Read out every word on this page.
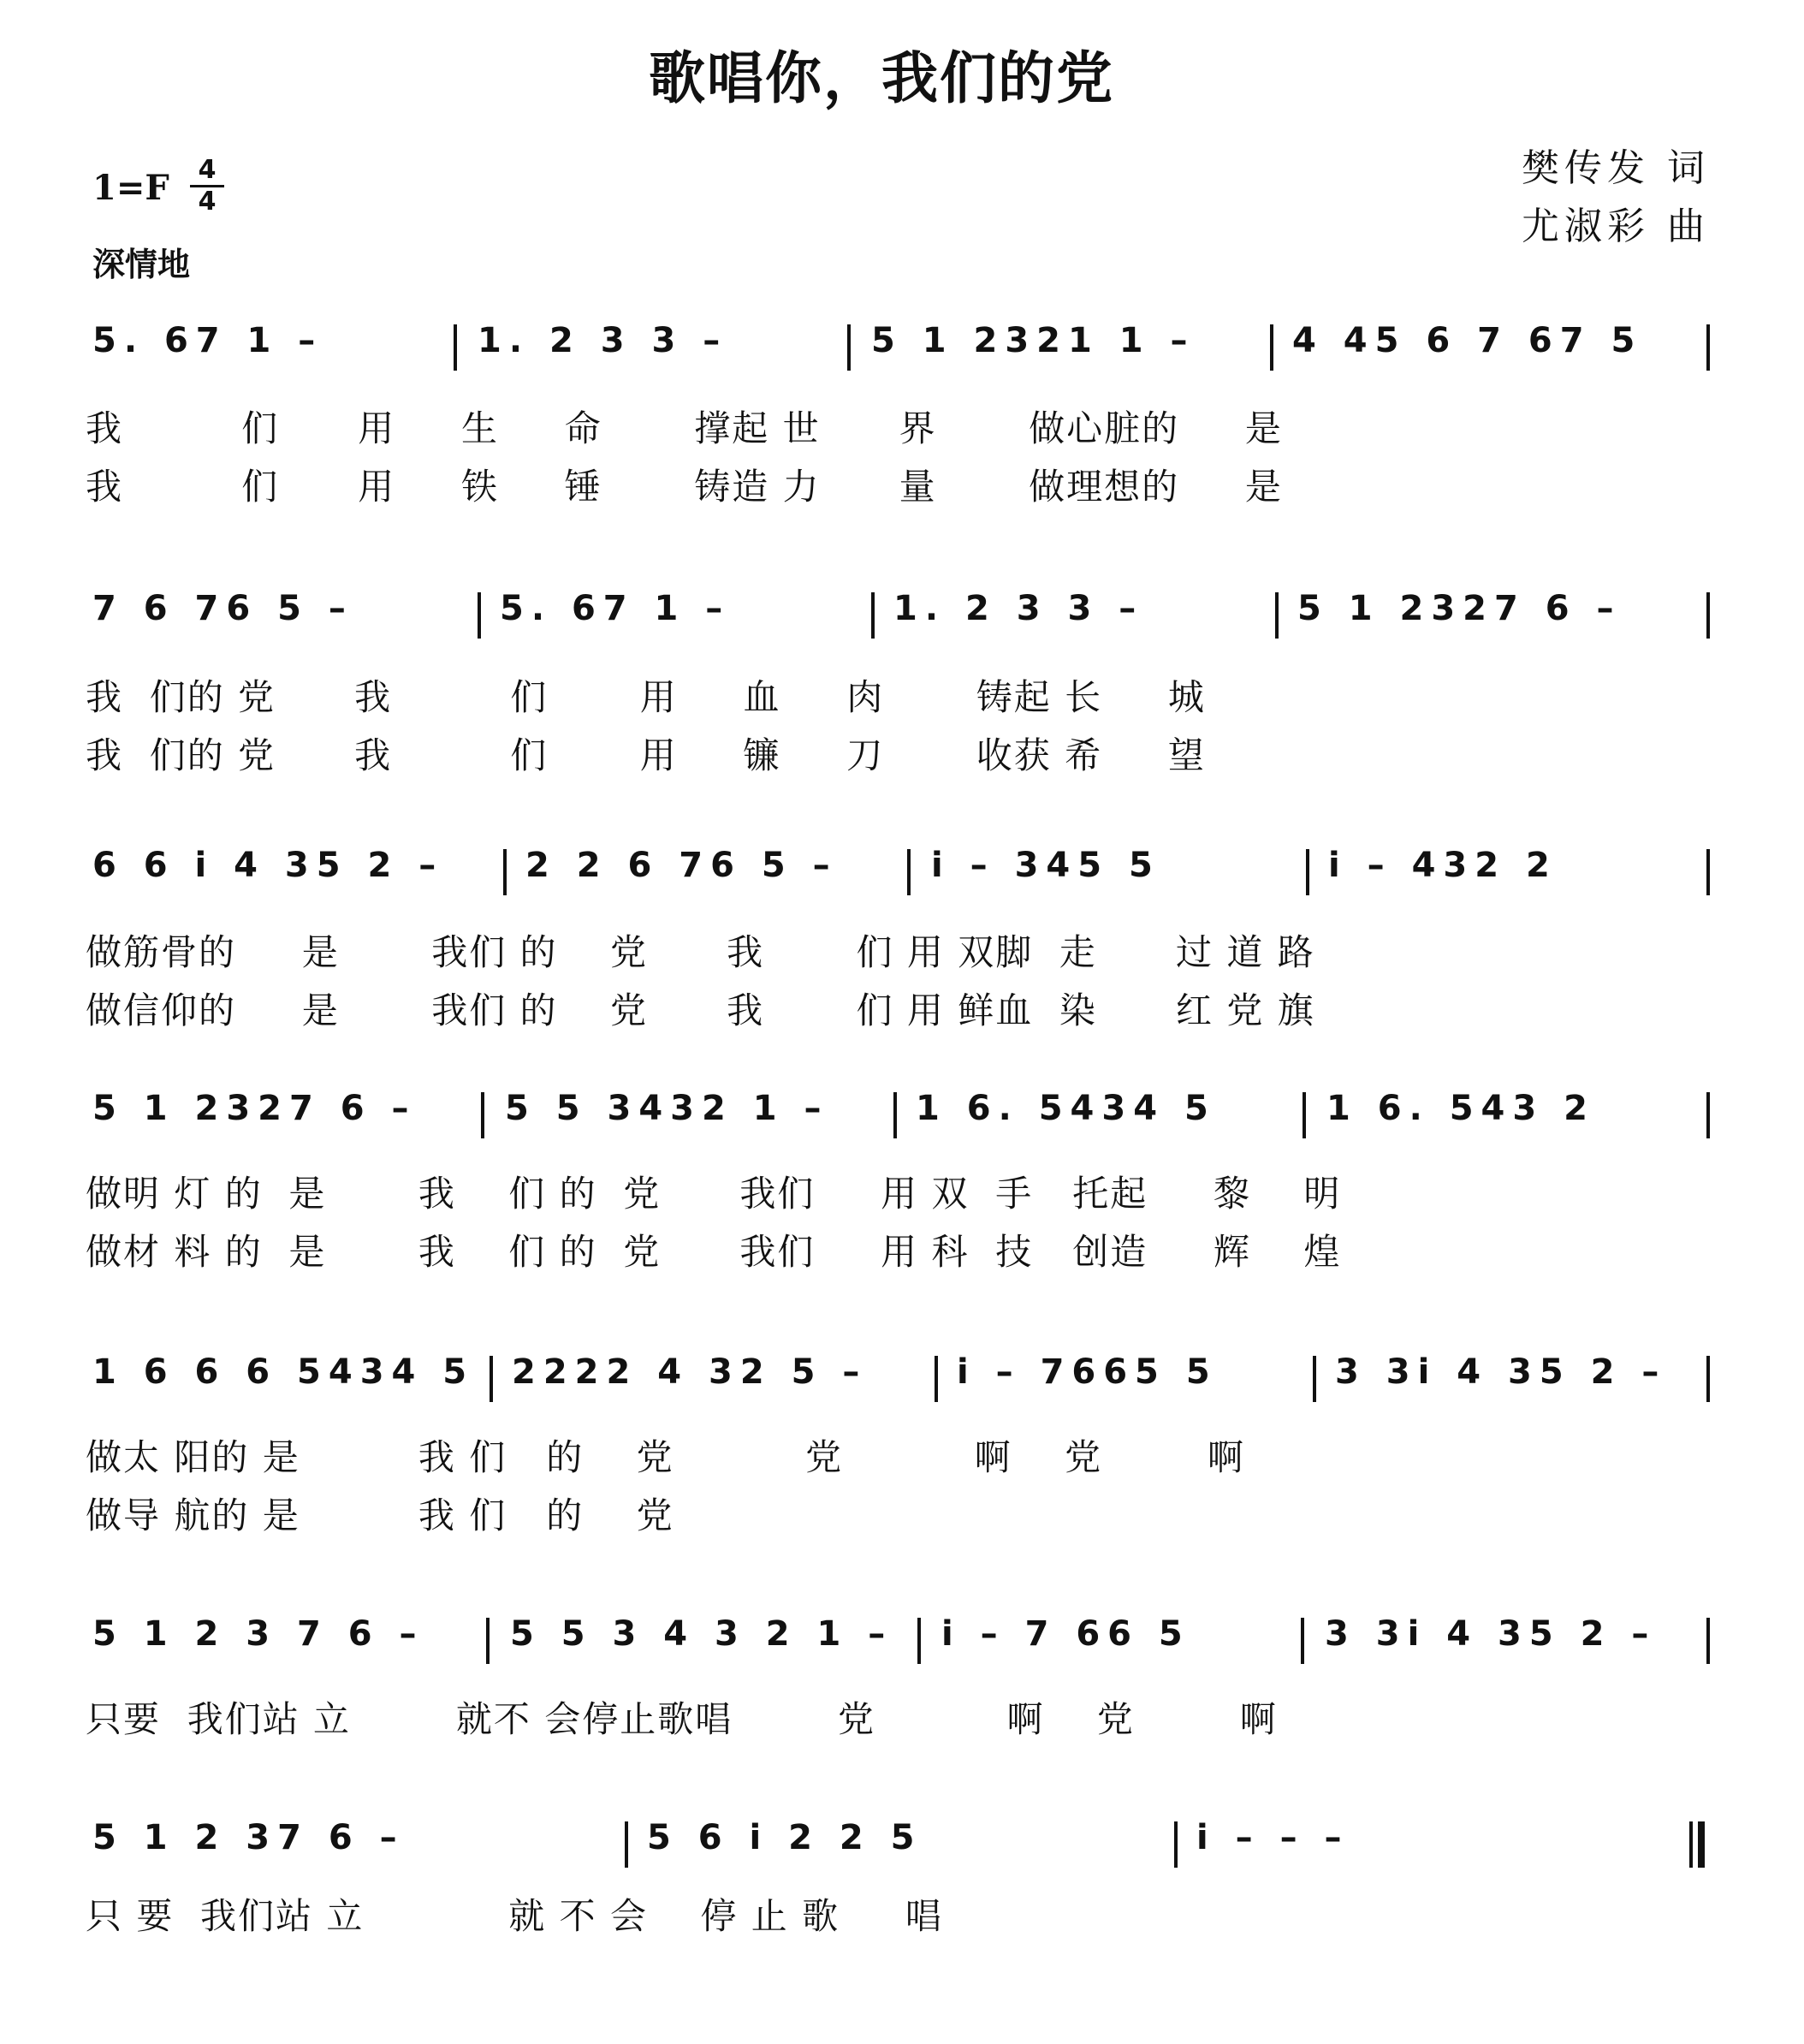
歌唱你，我们的党
樊传发 词
尤淑彩 曲
$1=F \frac{4}{4}$
深情地
5. 67 1 –	1. 2 3 3 –	5 1 2321 1 –	4 45 6 7 67 5
我         们      用     生     命       撑起 世      界       做心脏的     是
我         们      用     铁     锤       铸造 力      量       做理想的     是
7 6 76 5 –	5. 67 1 –	1. 2 3 3 –	5 1 2327 6 –
我  们的 党      我         们       用     血     肉       铸起 长     城
我  们的 党      我         们       用     镰     刀       收获 希     望
6 6 i 4 35 2 – 2 2 6 76 5 –	i – 345 5	i – 432 2
做筋骨的     是       我们 的    党      我       们 用 双脚  走      过 道 路
做信仰的     是       我们 的    党      我       们 用 鲜血  染      红 党 旗
5 1 2327 6 –	5 5 3432 1 –	1 6. 5434 5	1 6. 543 2
做明 灯 的  是       我    们 的  党      我们     用 双  手   托起     黎    明
做材 料 的  是       我    们 的  党      我们     用 科  技   创造     辉    煌
1 6 6 6 5434 5 2222 4 32 5 –	i – 7665 5	3 3i 4 35 2 –
做太 阳的 是         我 们   的    党          党          啊    党        啊
做导 航的 是         我 们   的    党
5 1 2 3 7 6 –	5 5 3 4 3 2 1 – i – 7 66 5	3 3i 4 35 2 –
只要  我们站 立        就不 会停止歌唱        党          啊    党        啊
5 1 2 37 6 –	5 6 i 2 2 5	i – – –
只 要  我们站 立           就 不 会    停 止 歌     唱
